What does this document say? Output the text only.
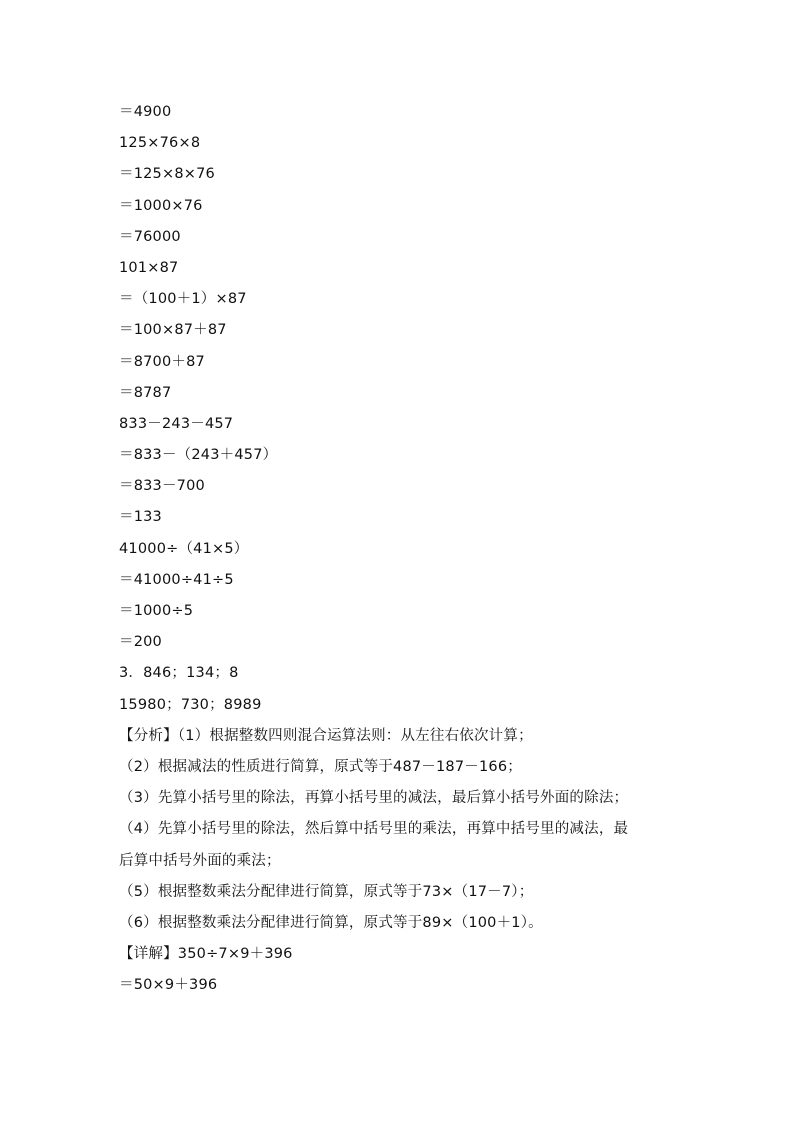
＝4900
125×76×8
＝125×8×76
＝1000×76
＝76000
101×87
＝（100＋1）×87
＝100×87＋87
＝8700＋87
＝8787
833－243－457
＝833－（243＋457）
＝833－700
＝133
41000÷（41×5）
＝41000÷41÷5
＝1000÷5
＝200
3．846；134；8
15980；730；8989
【分析】（1）根据整数四则混合运算法则：从左往右依次计算；
（2）根据减法的性质进行简算，原式等于487－187－166；
（3）先算小括号里的除法，再算小括号里的减法，最后算小括号外面的除法；
（4）先算小括号里的除法，然后算中括号里的乘法，再算中括号里的减法，最
后算中括号外面的乘法；
（5）根据整数乘法分配律进行简算，原式等于73×（17－7）；
（6）根据整数乘法分配律进行简算，原式等于89×（100＋1）。
【详解】350÷7×9＋396
＝50×9＋396
